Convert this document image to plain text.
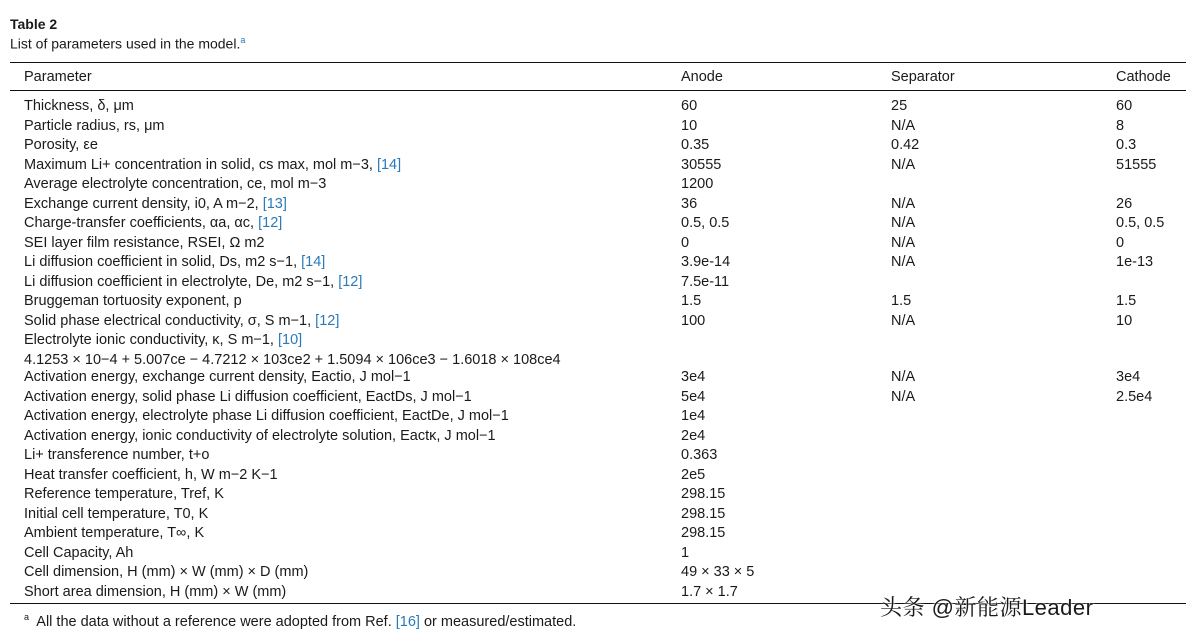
Table 2
List of parameters used in the model.$^a$
Parameter	Anode	Separator	Cathode
Thickness, δ, μm	60	25	60
Particle radius, rs, μm	10	N/A	8
Porosity, εe	0.35	0.42	0.3
Maximum Li+ concentration in solid, cs max, mol m−3, [14]	30555	N/A	51555
Average electrolyte concentration, ce, mol m−3	1200
Exchange current density, i0, A m−2, [13]	36	N/A	26
Charge-transfer coefficients, αa, αc, [12]	0.5, 0.5	N/A	0.5, 0.5
SEI layer film resistance, RSEI, Ω m2	0	N/A	0
Li diffusion coefficient in solid, Ds, m2 s−1, [14]	3.9e-14	N/A	1e-13
Li diffusion coefficient in electrolyte, De, m2 s−1, [12]	7.5e-11
Bruggeman tortuosity exponent, p	1.5	1.5	1.5
Solid phase electrical conductivity, σ, S m−1, [12]	100	N/A	10
Electrolyte ionic conductivity, κ, S m−1, [10]
4.1253 × 10−4 + 5.007ce − 4.7212 × 103ce2 + 1.5094 × 106ce3 − 1.6018 × 108ce4
Activation energy, exchange current density, Eactio, J mol−1	3e4	N/A	3e4
Activation energy, solid phase Li diffusion coefficient, EactDs, J mol−1	5e4	N/A	2.5e4
Activation energy, electrolyte phase Li diffusion coefficient, EactDe, J mol−1	1e4
Activation energy, ionic conductivity of electrolyte solution, Eactκ, J mol−1	2e4
Li+ transference number, t+o	0.363
Heat transfer coefficient, h, W m−2 K−1	2e5
Reference temperature, Tref, K	298.15
Initial cell temperature, T0, K	298.15
Ambient temperature, T∞, K	298.15
Cell Capacity, Ah	1
Cell dimension, H (mm) × W (mm) × D (mm)	49 × 33 × 5
Short area dimension, H (mm) × W (mm)	1.7 × 1.7
$^a$ All the data without a reference were adopted from Ref. [16] or measured/estimated.
头条 @新能源Leader
